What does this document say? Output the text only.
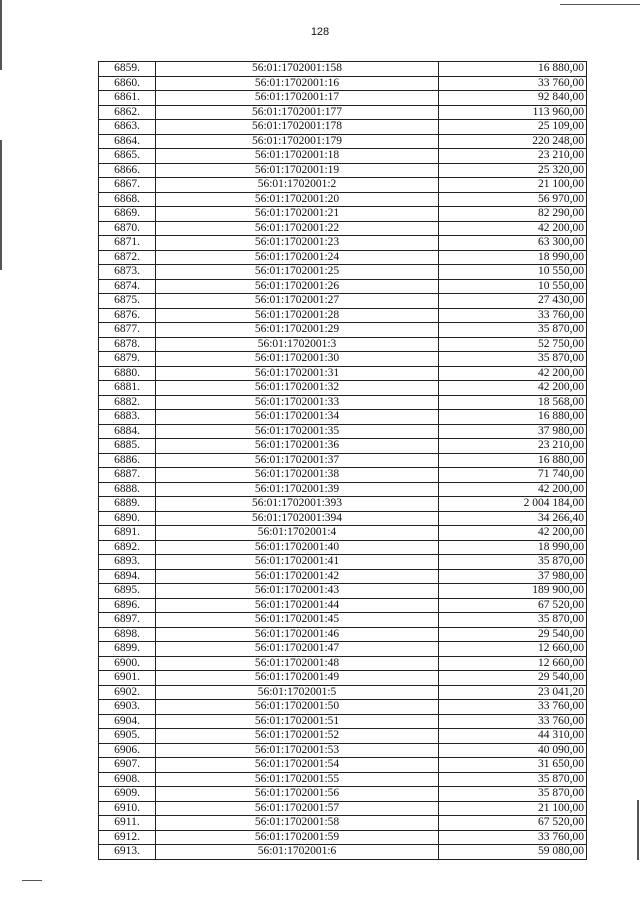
128
6859.	56:01:1702001:158	16 880,00
6860.	56:01:1702001:16	33 760,00
6861.	56:01:1702001:17	92 840,00
6862.	56:01:1702001:177	113 960,00
6863.	56:01:1702001:178	25 109,00
6864.	56:01:1702001:179	220 248,00
6865.	56:01:1702001:18	23 210,00
6866.	56:01:1702001:19	25 320,00
6867.	56:01:1702001:2	21 100,00
6868.	56:01:1702001:20	56 970,00
6869.	56:01:1702001:21	82 290,00
6870.	56:01:1702001:22	42 200,00
6871.	56:01:1702001:23	63 300,00
6872.	56:01:1702001:24	18 990,00
6873.	56:01:1702001:25	10 550,00
6874.	56:01:1702001:26	10 550,00
6875.	56:01:1702001:27	27 430,00
6876.	56:01:1702001:28	33 760,00
6877.	56:01:1702001:29	35 870,00
6878.	56:01:1702001:3	52 750,00
6879.	56:01:1702001:30	35 870,00
6880.	56:01:1702001:31	42 200,00
6881.	56:01:1702001:32	42 200,00
6882.	56:01:1702001:33	18 568,00
6883.	56:01:1702001:34	16 880,00
6884.	56:01:1702001:35	37 980,00
6885.	56:01:1702001:36	23 210,00
6886.	56:01:1702001:37	16 880,00
6887.	56:01:1702001:38	71 740,00
6888.	56:01:1702001:39	42 200,00
6889.	56:01:1702001:393	2 004 184,00
6890.	56:01:1702001:394	34 266,40
6891.	56:01:1702001:4	42 200,00
6892.	56:01:1702001:40	18 990,00
6893.	56:01:1702001:41	35 870,00
6894.	56:01:1702001:42	37 980,00
6895.	56:01:1702001:43	189 900,00
6896.	56:01:1702001:44	67 520,00
6897.	56:01:1702001:45	35 870,00
6898.	56:01:1702001:46	29 540,00
6899.	56:01:1702001:47	12 660,00
6900.	56:01:1702001:48	12 660,00
6901.	56:01:1702001:49	29 540,00
6902.	56:01:1702001:5	23 041,20
6903.	56:01:1702001:50	33 760,00
6904.	56:01:1702001:51	33 760,00
6905.	56:01:1702001:52	44 310,00
6906.	56:01:1702001:53	40 090,00
6907.	56:01:1702001:54	31 650,00
6908.	56:01:1702001:55	35 870,00
6909.	56:01:1702001:56	35 870,00
6910.	56:01:1702001:57	21 100,00
6911.	56:01:1702001:58	67 520,00
6912.	56:01:1702001:59	33 760,00
6913.	56:01:1702001:6	59 080,00
